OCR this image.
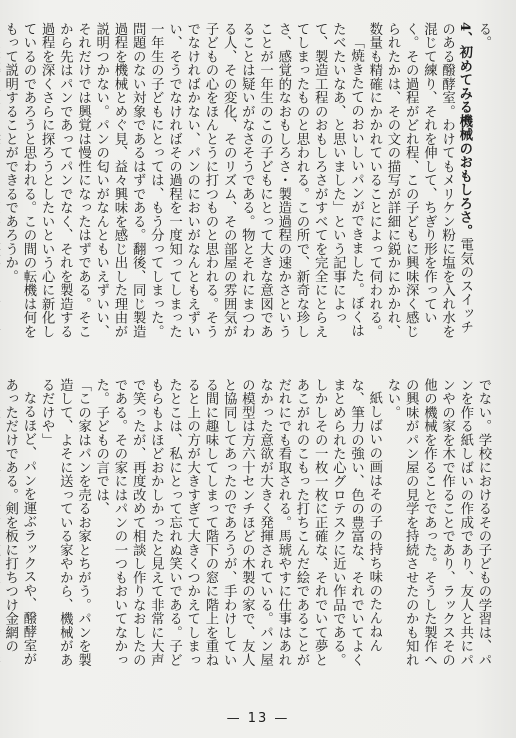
る。

4、初めてみる機械のおもしろさ。電気のスイッチのある醱酵室。わけてもメリケン粉に塩を入れ水を混じて練り、それを伸して、ちぎり形を作っていく。その過程がどれ程、この子どもに興味深く感じられたかは、その文の描写が詳細に鋭かにかかれ、数量も精確にかかれていることによって伺われる。

「焼きたてのおいしいパンができました。ぼくはたべたいなあ、と思いました」という記事によって、製造工程のおもしろさがすべてを完全にとらえてしまったものと思われる。この所で、新奇な珍しさ、感覚的なおもしろさ・製造過程の速かさということが一年生のこの子どもにとって大きな意図であることは疑いがなさそうである。物とそれにまつわる人、その変化、そのリズム、その部屋の雰囲気が子どもの心をほんとうに打つものと思われる。そうでなければかない、パンのにおいがなんともえずいい、そうでなければその過程を一度知ってしまった一年生の子どもにとっては、もう分ってしまった。問題のない対象であるはずである。翻後、同じ製造過程を機械とめぐ見、益々興味を感じ出した理由が説明つかない。パンの匂いがなんともいえずいい、それだけでは興覚は慢性になったはずである。そこから先はパンであってパンでなく、それを製造する過程を深くさらに探ろうとしたいという心に新化しているのであろうと思われる。この間の転機は何をもって説明することができるであろうか。

でない。学校におけるその子どもの学習は、パンを作る紙しばいの作成であり、友人と共にパンやの家を木で作ることであり、ラックスその他の機械を作ることであった。そうした製作への興味がパン屋の見学を持続させたのかも知れない。

紙しばいの画はその子の持ち味のたんねんな、筆力の強い、色の豊富な、それでいてよくまとめられた心グロテスクに近い作品である。しかしその一枚一枚に正確な、それでいて夢とあこがれのこもった打ちこんだ絵であることがだれにでも看取される。馬琥やすに仕事はあれなかった意欲が大きく発揮されている。パン屋の模型は方六十センチほどの木製の家で、友人と協同してあったのであろうが、手わけしている間に趣味してしまって階下の窓に階上を重ねると上の方が大きすぎて大きくつかえてしまったとこは、私にとって忘れぬ笑いである。子どもらもよほどおかしかったと見えて非常に大声で笑ったが、再度改めて相談し作りなおしたのである。その家にはパンの一つもおいてなかった。子どもの言では、

「この家はパンを売るお家とちがう。パンを製造して、よそに送っている家やから、機械があるだけや」

なるほど、パンを運ぶラックスや、醱酵室があっただけである。剣を板に打ちつけ金網の

— 13 —
